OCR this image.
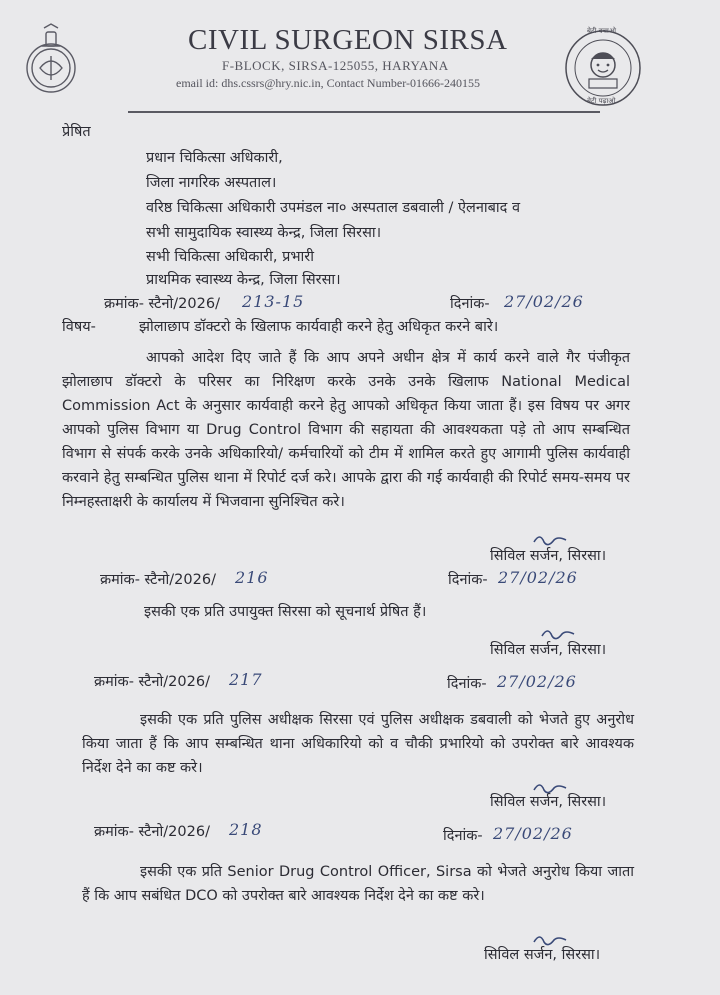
CIVIL SURGEON SIRSA
F-BLOCK, SIRSA-125055, HARYANA
email id: dhs.cssrs@hry.nic.in, Contact Number-01666-240155
बेटी बचाओ
बेटी पढ़ाओ
प्रेषित
प्रधान चिकित्सा अधिकारी,
जिला नागरिक अस्पताल।
वरिष्ठ चिकित्सा अधिकारी उपमंडल ना० अस्पताल डबवाली / ऐलनाबाद व
सभी सामुदायिक स्वास्थ्य केन्द्र, जिला सिरसा।
सभी चिकित्सा अधिकारी, प्रभारी
प्राथमिक स्वास्थ्य केन्द्र, जिला सिरसा।
क्रमांक- स्टैनो/2026/ 213-15	दिनांक- 27/02/26
विषय-	झोलाछाप डॉक्टरो के खिलाफ कार्यवाही करने हेतु अधिकृत करने बारे।
आपको आदेश दिए जाते हैं कि आप अपने अधीन क्षेत्र में कार्य करने वाले गैर पंजीकृत झोलाछाप डॉक्टरो के परिसर का निरिक्षण करके उनके उनके खिलाफ National Medical Commission Act के अनुसार कार्यवाही करने हेतु आपको अधिकृत किया जाता हैं। इस विषय पर अगर आपको पुलिस विभाग या Drug Control विभाग की सहायता की आवश्यकता पड़े तो आप सम्बन्धित विभाग से संपर्क करके उनके अधिकारियो/ कर्मचारियों को टीम में शामिल करते हुए आगामी पुलिस कार्यवाही करवाने हेतु सम्बन्धित पुलिस थाना में रिपोर्ट दर्ज करे। आपके द्वारा की गई कार्यवाही की रिपोर्ट समय-समय पर निम्नहस्ताक्षरी के कार्यालय में भिजवाना सुनिश्चित करे।
सिविल सर्जन, सिरसा।
क्रमांक- स्टैनो/2026/ 216	दिनांक- 27/02/26
इसकी एक प्रति उपायुक्त सिरसा को सूचनार्थ प्रेषित हैं।
सिविल सर्जन, सिरसा।
क्रमांक- स्टैनो/2026/ 217	दिनांक- 27/02/26
इसकी एक प्रति पुलिस अधीक्षक सिरसा एवं पुलिस अधीक्षक डबवाली को भेजते हुए अनुरोध किया जाता हैं कि आप सम्बन्धित थाना अधिकारियो को व चौकी प्रभारियो को उपरोक्त बारे आवश्यक निर्देश देने का कष्ट करे।
सिविल सर्जन, सिरसा।
क्रमांक- स्टैनो/2026/ 218	दिनांक- 27/02/26
इसकी एक प्रति Senior Drug Control Officer, Sirsa को भेजते अनुरोध किया जाता हैं कि आप सबंधित DCO को उपरोक्त बारे आवश्यक निर्देश देने का कष्ट करे।
सिविल सर्जन, सिरसा।
